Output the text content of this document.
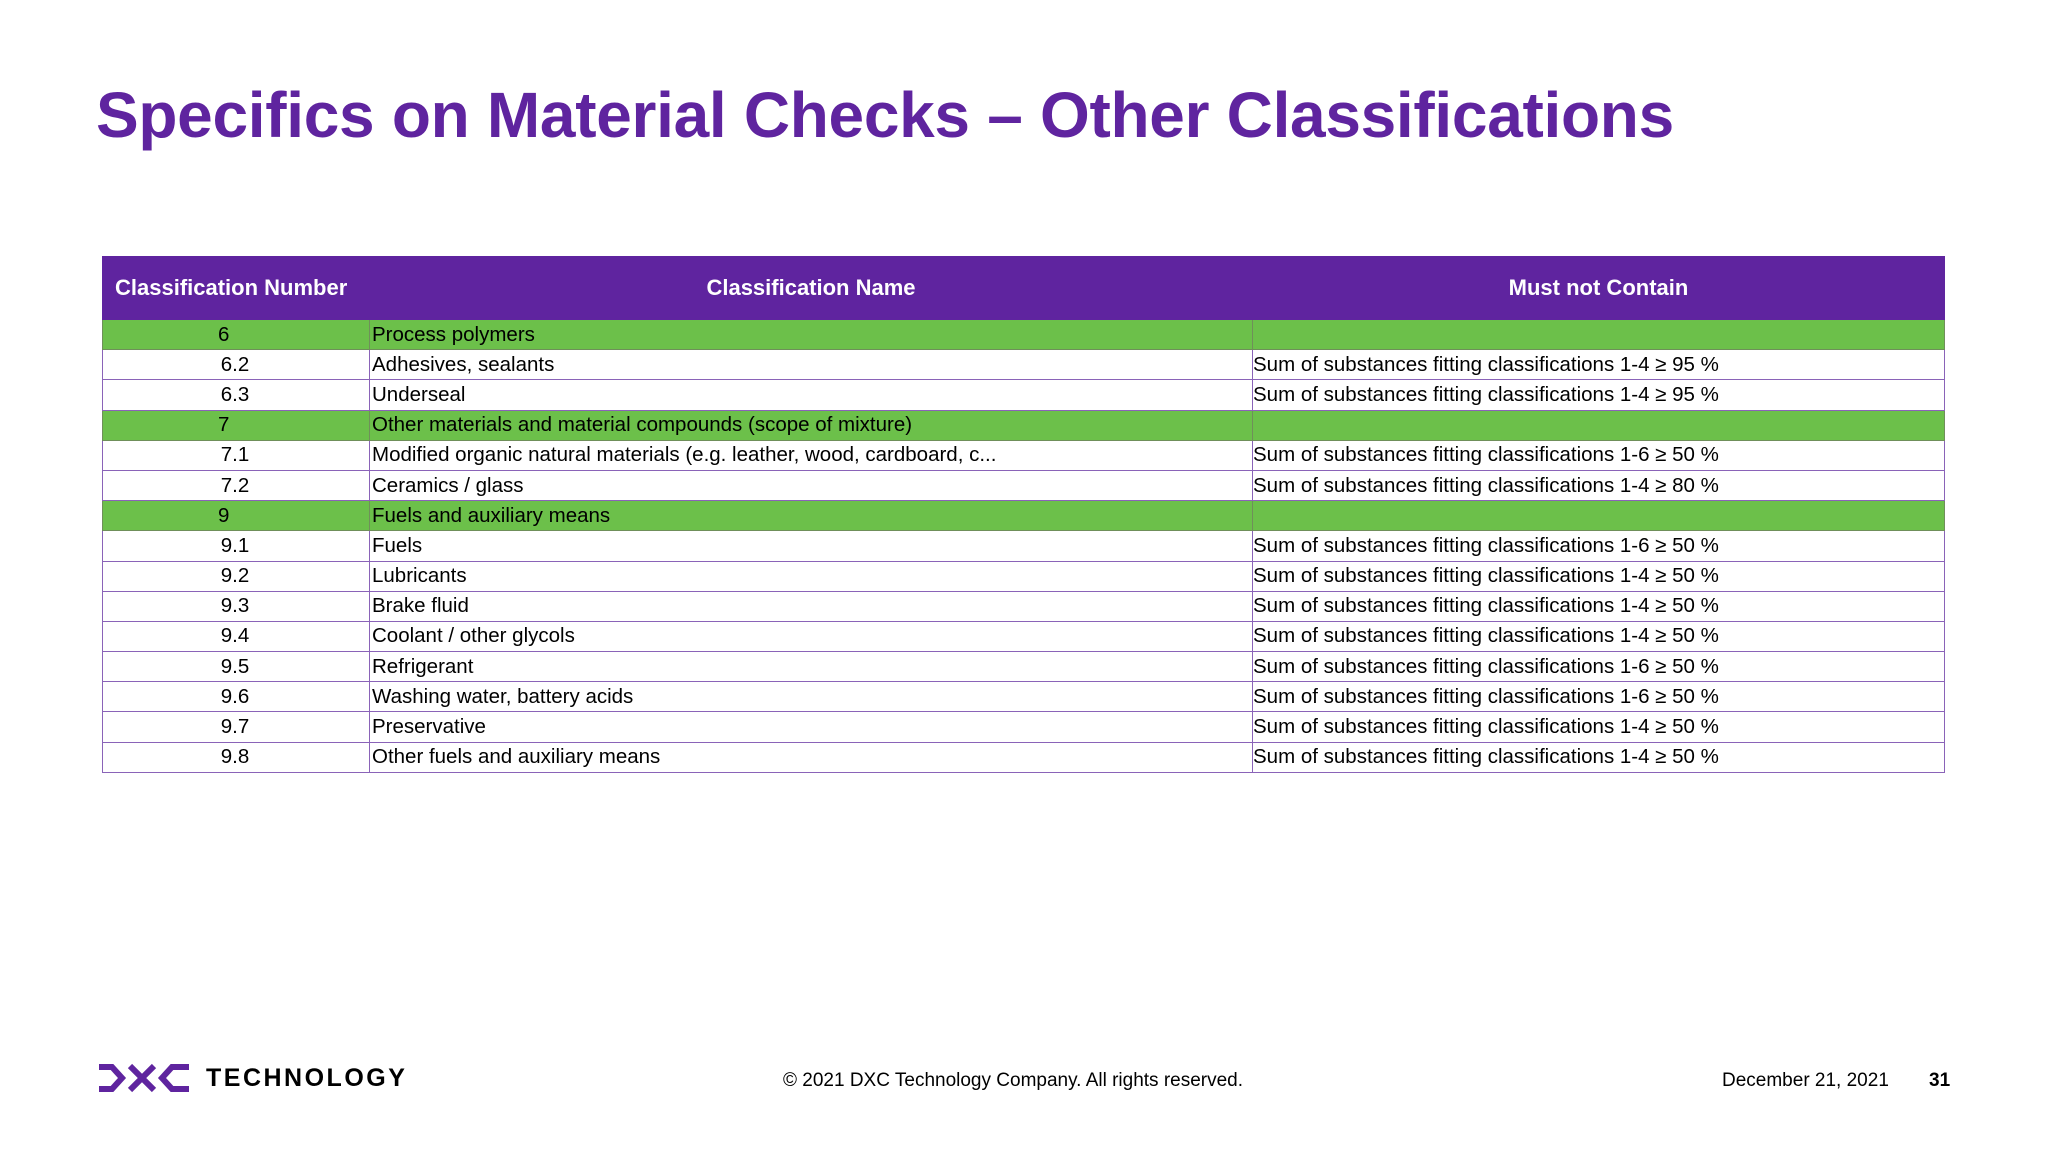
Specifics on Material Checks – Other Classifications
Classification Number	Classification Name	Must not Contain
6	Process polymers	
6.2	Adhesives, sealants	Sum of substances fitting classifications 1-4 ≥ 95 %
6.3	Underseal	Sum of substances fitting classifications 1-4 ≥ 95 %
7	Other materials and material compounds (scope of mixture)	
7.1	Modified organic natural materials (e.g. leather, wood, cardboard, c...	Sum of substances fitting classifications 1-6 ≥ 50 %
7.2	Ceramics / glass	Sum of substances fitting classifications 1-4 ≥ 80 %
9	Fuels and auxiliary means	
9.1	Fuels	Sum of substances fitting classifications 1-6 ≥ 50 %
9.2	Lubricants	Sum of substances fitting classifications 1-4 ≥ 50 %
9.3	Brake fluid	Sum of substances fitting classifications 1-4 ≥ 50 %
9.4	Coolant / other glycols	Sum of substances fitting classifications 1-4 ≥ 50 %
9.5	Refrigerant	Sum of substances fitting classifications 1-6 ≥ 50 %
9.6	Washing water, battery acids	Sum of substances fitting classifications 1-6 ≥ 50 %
9.7	Preservative	Sum of substances fitting classifications 1-4 ≥ 50 %
9.8	Other fuels and auxiliary means	Sum of substances fitting classifications 1-4 ≥ 50 %
TECHNOLOGY	© 2021 DXC Technology Company. All rights reserved.	December 21, 2021 31
